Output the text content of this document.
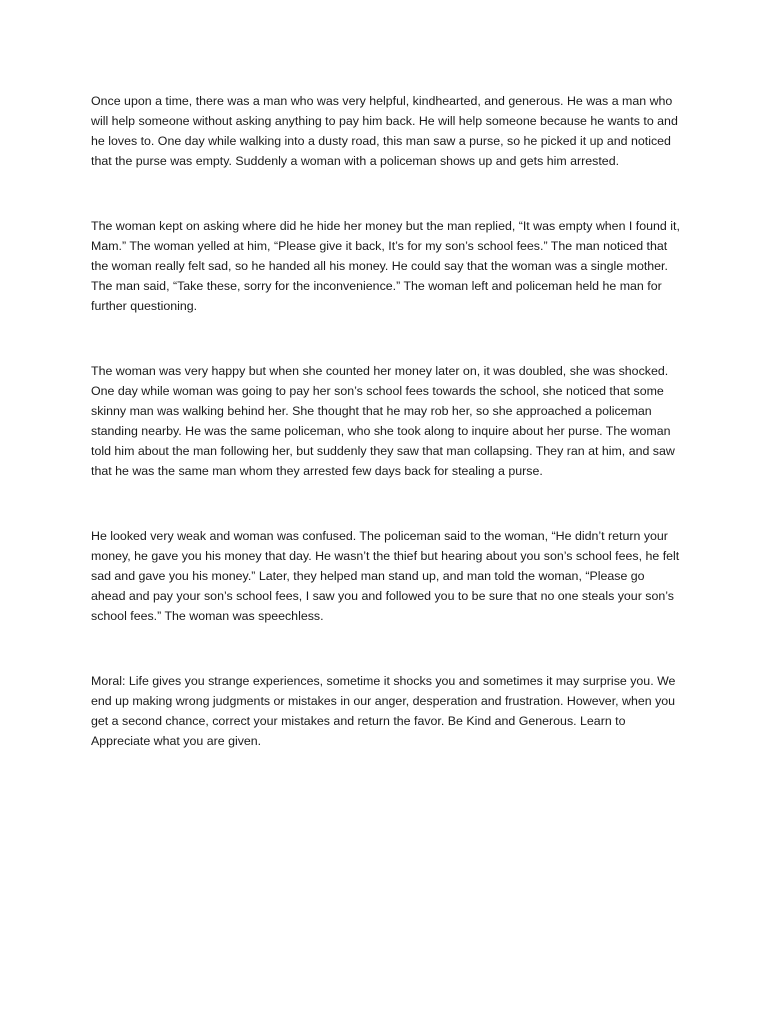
Once upon a time, there was a man who was very helpful, kindhearted, and generous. He was a man who will help someone without asking anything to pay him back. He will help someone because he wants to and he loves to. One day while walking into a dusty road, this man saw a purse, so he picked it up and noticed that the purse was empty. Suddenly a woman with a policeman shows up and gets him arrested.

The woman kept on asking where did he hide her money but the man replied, “It was empty when I found it, Mam.” The woman yelled at him, “Please give it back, It’s for my son’s school fees.” The man noticed that the woman really felt sad, so he handed all his money. He could say that the woman was a single mother. The man said, “Take these, sorry for the inconvenience.” The woman left and policeman held he man for further questioning.

The woman was very happy but when she counted her money later on, it was doubled, she was shocked. One day while woman was going to pay her son’s school fees towards the school, she noticed that some skinny man was walking behind her. She thought that he may rob her, so she approached a policeman standing nearby. He was the same policeman, who she took along to inquire about her purse. The woman told him about the man following her, but suddenly they saw that man collapsing. They ran at him, and saw that he was the same man whom they arrested few days back for stealing a purse.

He looked very weak and woman was confused. The policeman said to the woman, “He didn’t return your money, he gave you his money that day. He wasn’t the thief but hearing about you son’s school fees, he felt sad and gave you his money.” Later, they helped man stand up, and man told the woman, “Please go ahead and pay your son’s school fees, I saw you and followed you to be sure that no one steals your son’s school fees.” The woman was speechless.

Moral: Life gives you strange experiences, sometime it shocks you and sometimes it may surprise you. We end up making wrong judgments or mistakes in our anger, desperation and frustration. However, when you get a second chance, correct your mistakes and return the favor. Be Kind and Generous. Learn to Appreciate what you are given.
